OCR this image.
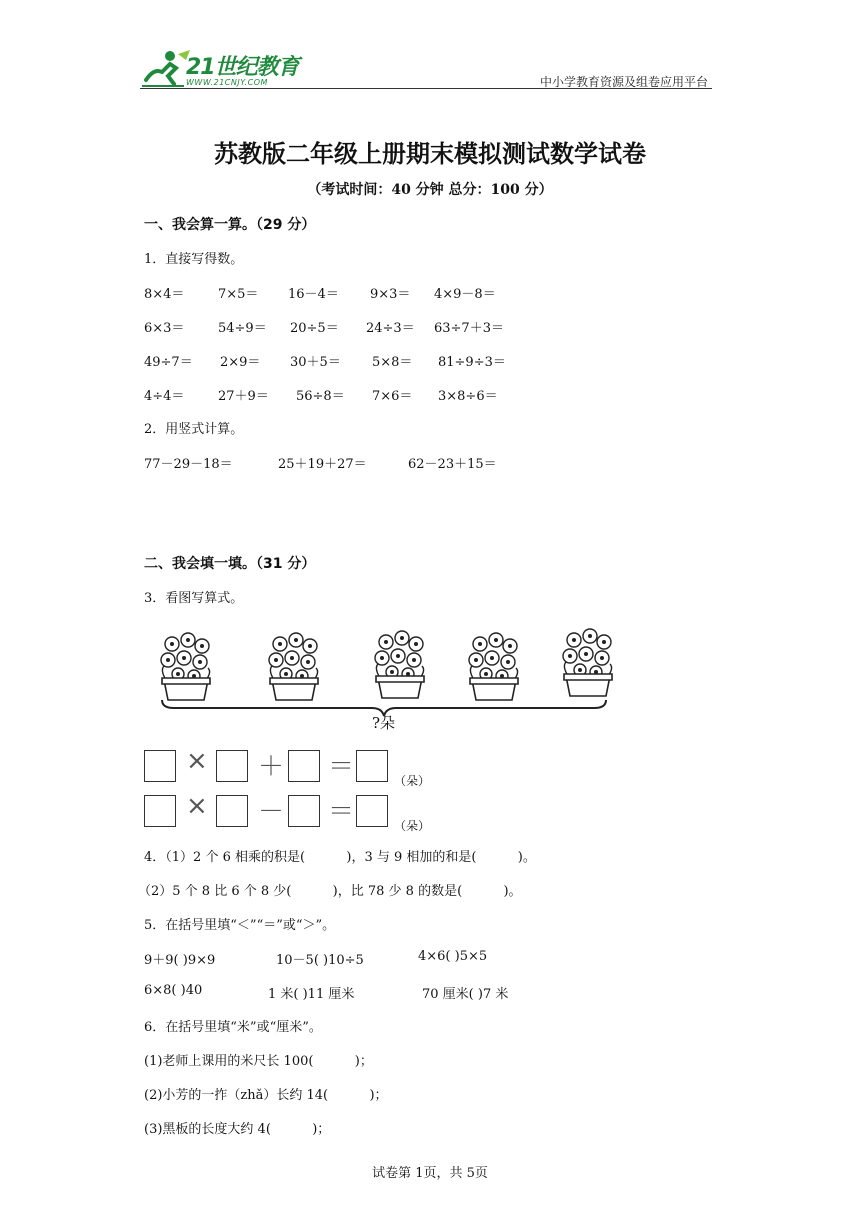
21世纪教育
WWW.21CNJY.COM	中小学教育资源及组卷应用平台
苏教版二年级上册期末模拟测试数学试卷
（考试时间：40 分钟 总分：100 分）
一、我会算一算。（29 分）
1．直接写得数。
8×4＝	7×5＝ 16－4＝ 9×3＝ 4×9－8＝
6×3＝	54÷9＝ 20÷5＝ 24÷3＝ 63÷7＋3＝
49÷7＝ 2×9＝ 30＋5＝ 5×8＝ 81÷9÷3＝
4÷4＝	27＋9＝ 56÷8＝ 7×6＝ 3×8÷6＝
2．用竖式计算。
77－29－18＝	25＋19＋27＝	62－23＋15＝
二、我会填一填。（31 分）
3．看图写算式。
?朵
× ＋ ＝	（朵）
× － ＝	（朵）
4．（1）2 个 6 相乘的积是(          )，3 与 9 相加的和是(          )。
（2）5 个 8 比 6 个 8 少(          )，比 78 少 8 的数是(          )。
5．在括号里填“＜”“＝”或“＞”。
9＋9( )9×9	10－5( )10÷5	4×6( )5×5
6×8( )40	1 米( )11 厘米	70 厘米( )7 米
6．在括号里填“米”或“厘米”。
(1)老师上课用的米尺长 100(          )；
(2)小芳的一拃（zhǎ）长约 14(          )；
(3)黑板的长度大约 4(          )；
试卷第 1页，共 5页
